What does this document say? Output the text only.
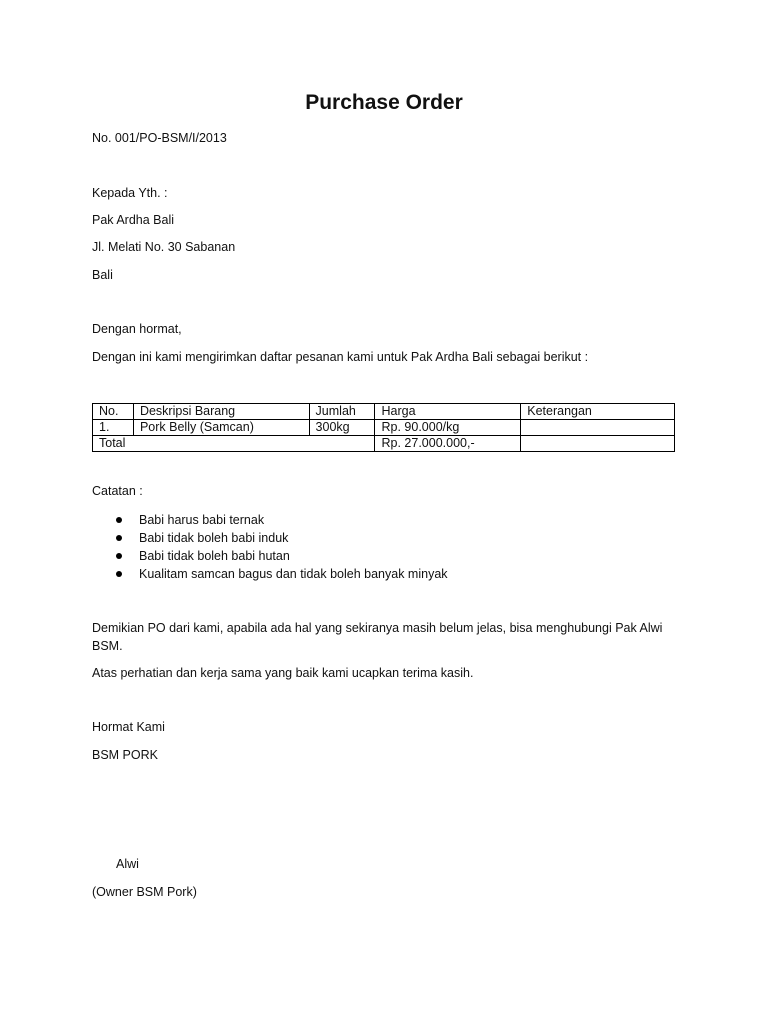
Purchase Order
No. 001/PO-BSM/I/2013
Kepada Yth. :
Pak Ardha Bali
Jl. Melati No. 30 Sabanan
Bali
Dengan hormat,
Dengan ini kami mengirimkan daftar pesanan kami untuk Pak Ardha Bali sebagai berikut :
No.	Deskripsi Barang	Jumlah	Harga	Keterangan
1.	Pork Belly (Samcan)	300kg	Rp. 90.000/kg	
Total			Rp. 27.000.000,-	
Catatan :
Babi harus babi ternak
Babi tidak boleh babi induk
Babi tidak boleh babi hutan
Kualitam samcan bagus dan tidak boleh banyak minyak
Demikian PO dari kami, apabila ada hal yang sekiranya masih belum jelas, bisa menghubungi Pak Alwi BSM.
Atas perhatian dan kerja sama yang baik kami ucapkan terima kasih.
Hormat Kami
BSM PORK
Alwi
(Owner BSM Pork)
